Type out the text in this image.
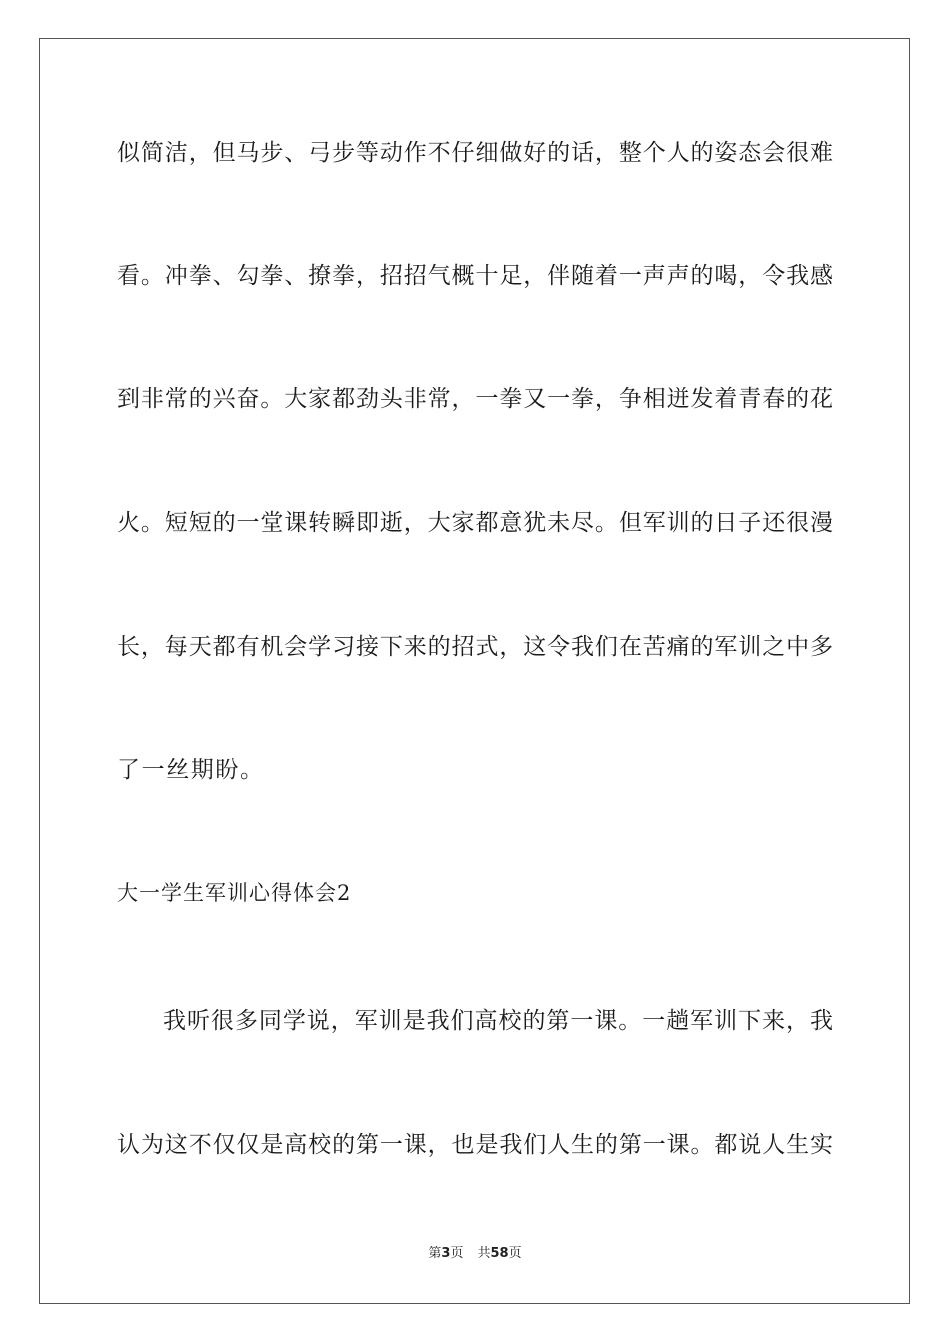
似简洁，但马步、弓步等动作不仔细做好的话，整个人的姿态会很难
看。冲拳、勾拳、撩拳，招招气概十足，伴随着一声声的喝，令我感
到非常的兴奋。大家都劲头非常，一拳又一拳，争相迸发着青春的花
火。短短的一堂课转瞬即逝，大家都意犹未尽。但军训的日子还很漫
长，每天都有机会学习接下来的招式，这令我们在苦痛的军训之中多
了一丝期盼。
大一学生军训心得体会2
我听很多同学说，军训是我们高校的第一课。一趟军训下来，我
认为这不仅仅是高校的第一课，也是我们人生的第一课。都说人生实
第3页 共58页
